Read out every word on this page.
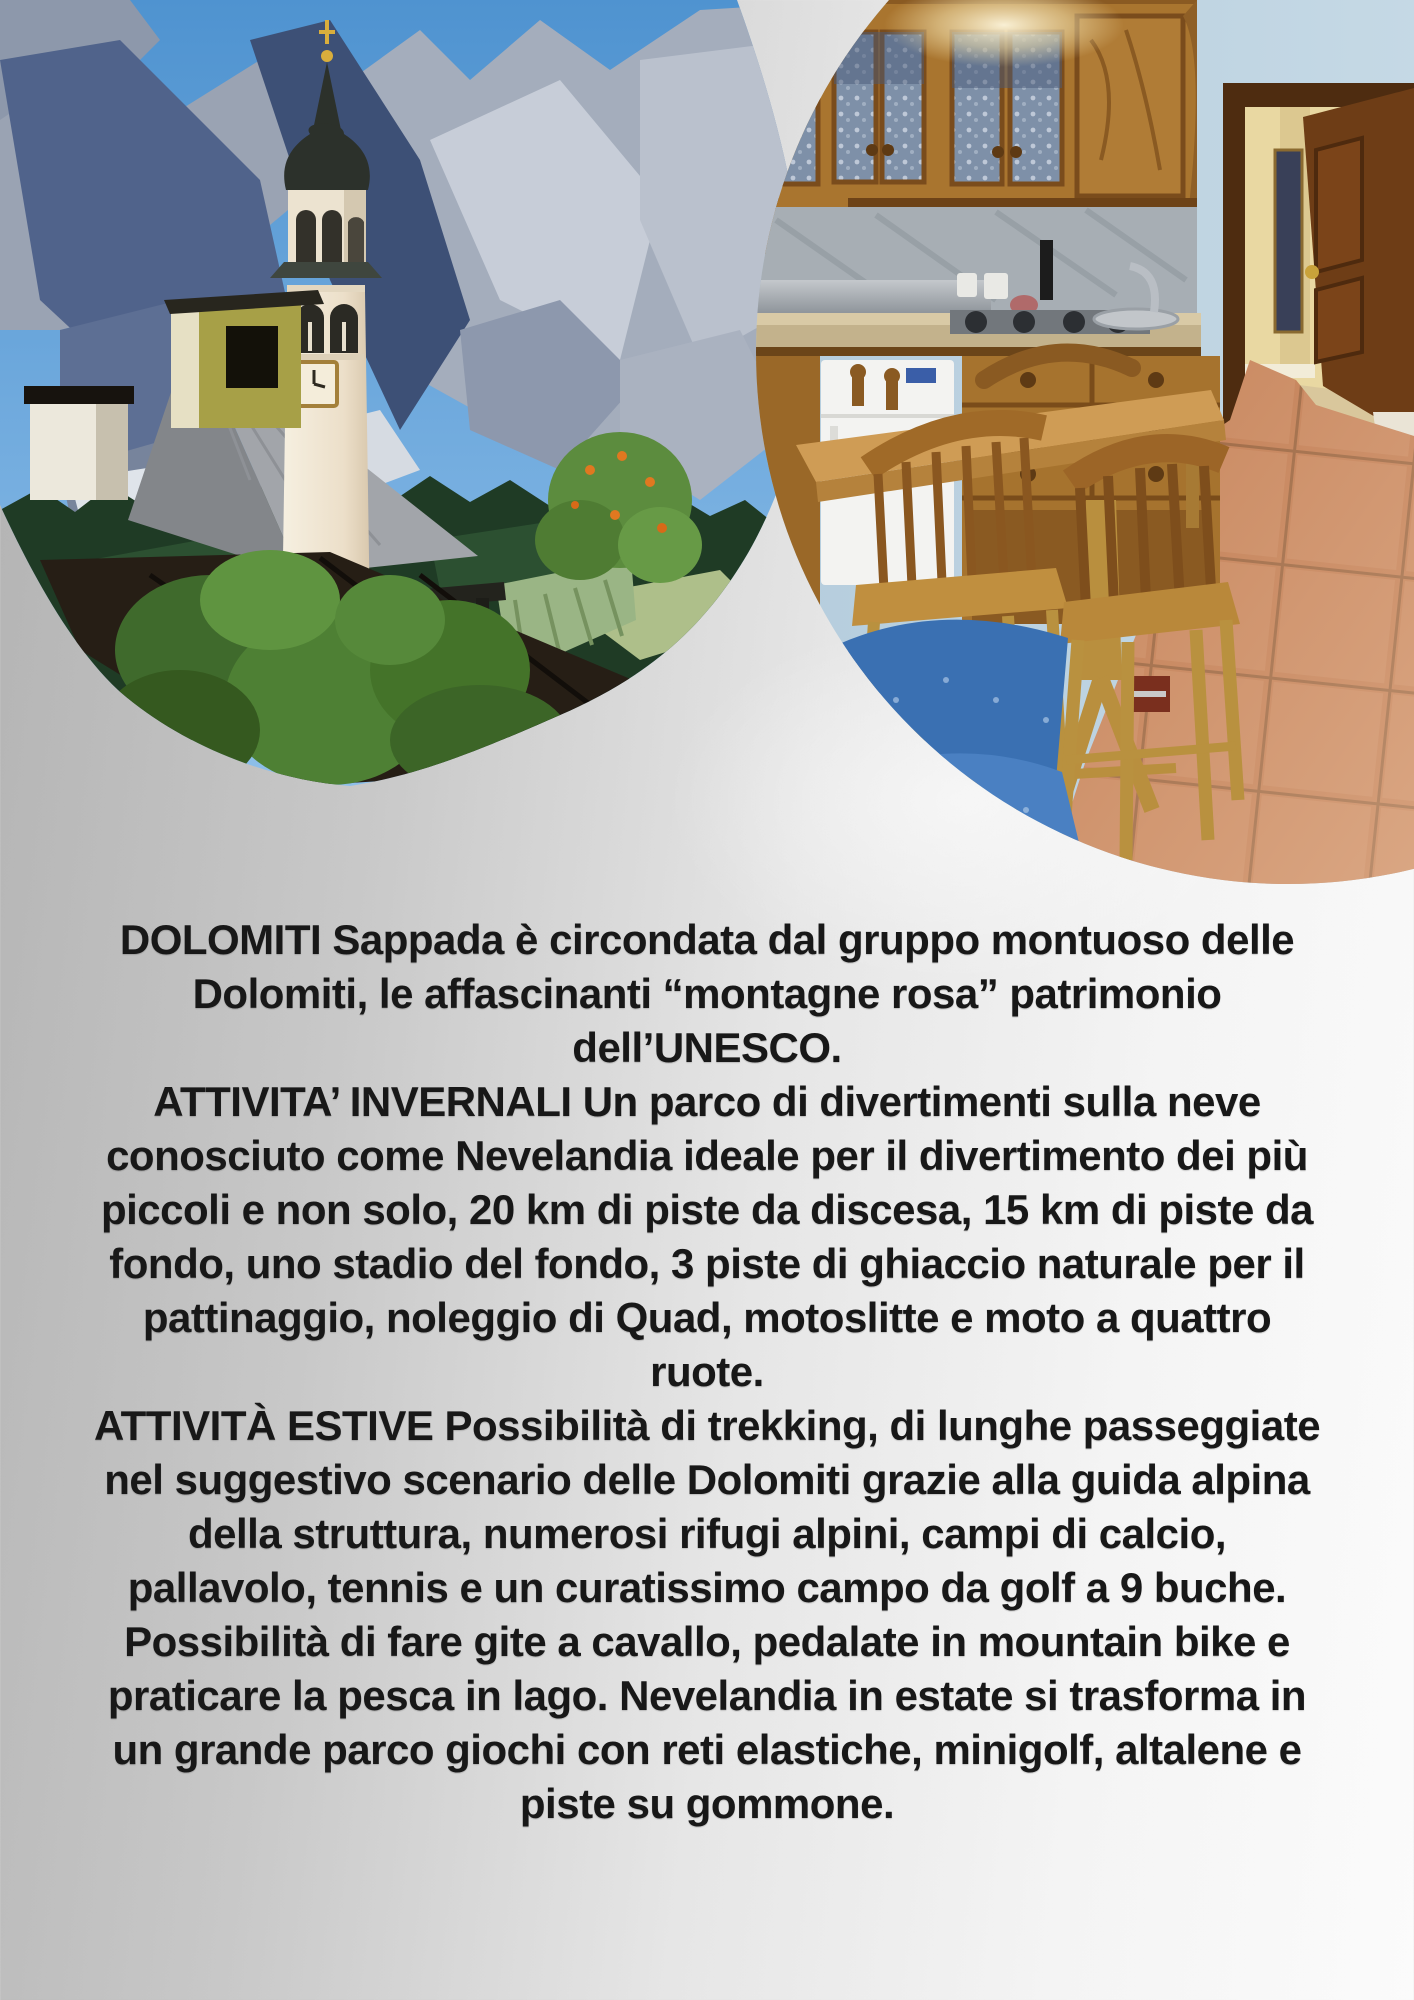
DOLOMITI Sappada è circondata dal gruppo montuoso delle
Dolomiti, le affascinanti “montagne rosa” patrimonio
dell’UNESCO.
ATTIVITA’ INVERNALI Un parco di divertimenti sulla neve
conosciuto come Nevelandia ideale per il divertimento dei più
piccoli e non solo, 20 km di piste da discesa, 15 km di piste da
fondo, uno stadio del fondo, 3 piste di ghiaccio naturale per il
pattinaggio, noleggio di Quad, motoslitte e moto a quattro
ruote.
ATTIVITÀ ESTIVE Possibilità di trekking, di lunghe passeggiate
nel suggestivo scenario delle Dolomiti grazie alla guida alpina
della struttura, numerosi rifugi alpini, campi di calcio,
pallavolo, tennis e un curatissimo campo da golf a 9 buche.
Possibilità di fare gite a cavallo, pedalate in mountain bike e
praticare la pesca in lago. Nevelandia in estate si trasforma in
un grande parco giochi con reti elastiche, minigolf, altalene e
piste su gommone.
